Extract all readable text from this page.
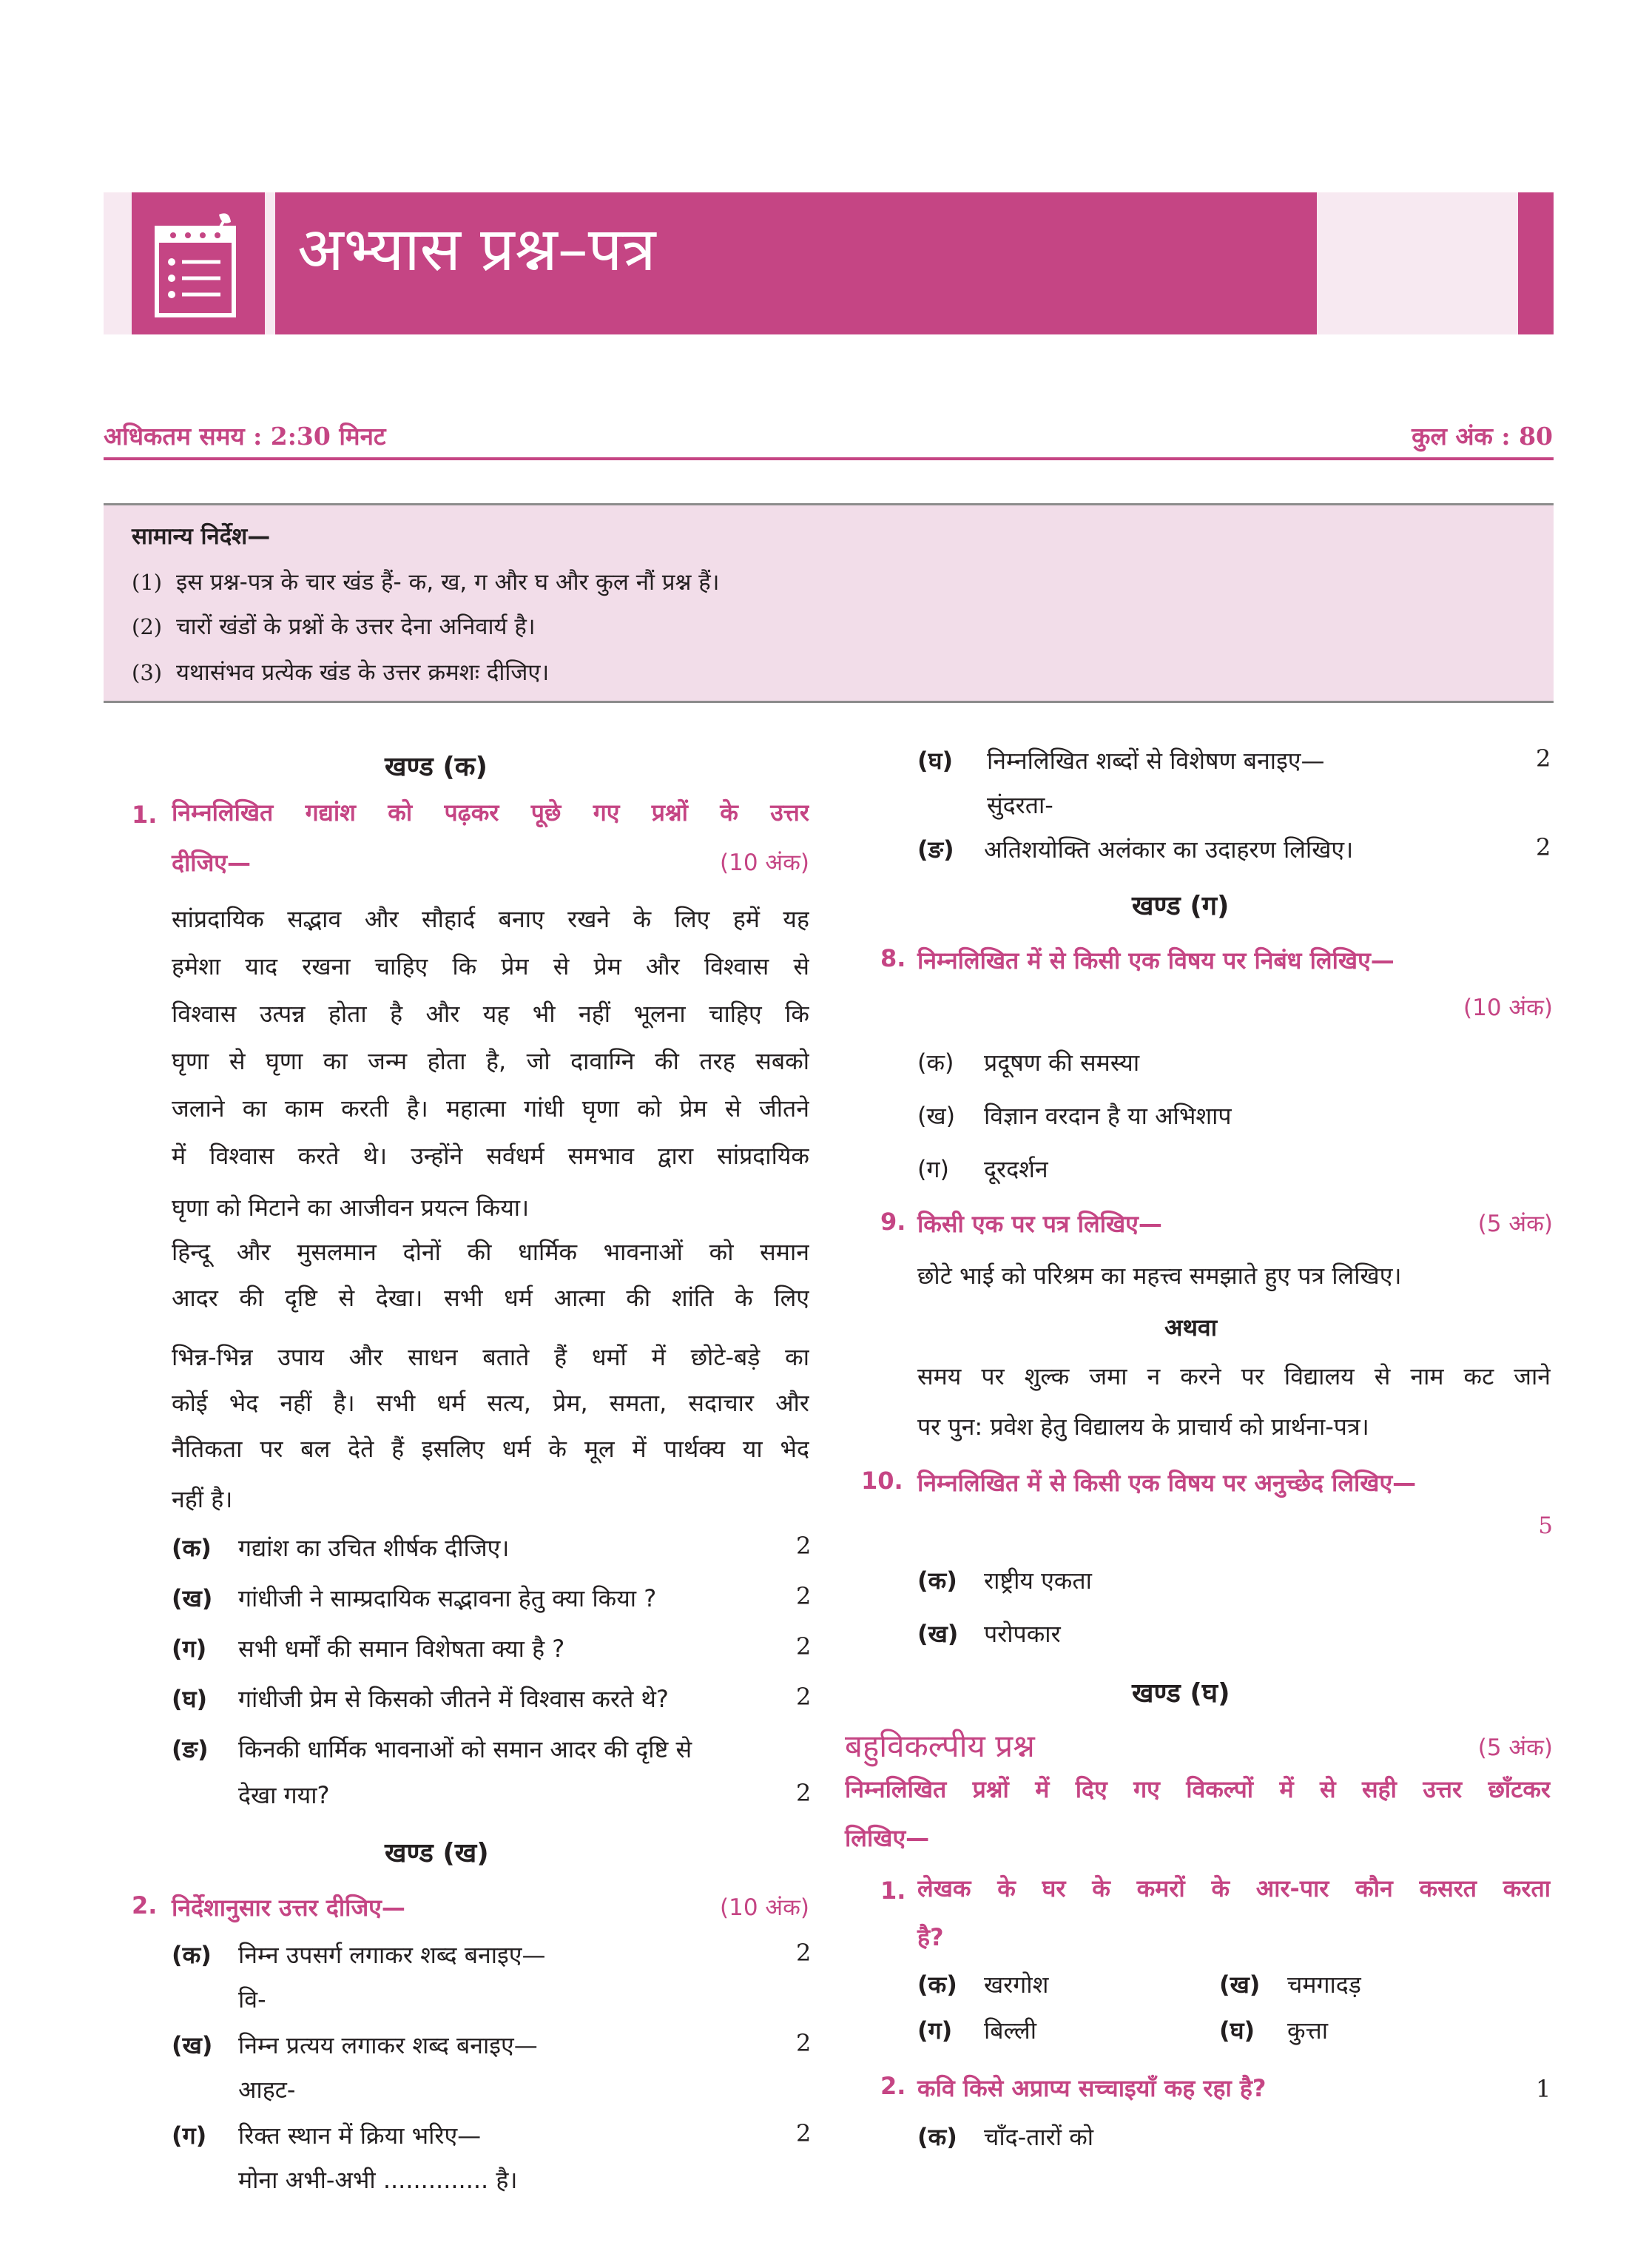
अभ्यास प्रश्न–पत्र
अधिकतम समय : 2:30 मिनट	कुल अंक : 80
सामान्य निर्देश—
(1) इस प्रश्न-पत्र के चार खंड हैं- क, ख, ग और घ और कुल नौं प्रश्न हैं।
(2) चारों खंडों के प्रश्नों के उत्तर देना अनिवार्य है।
(3) यथासंभव प्रत्येक खंड के उत्तर क्रमशः दीजिए।
खण्ड (क)
1. निम्नलिखित गद्यांश को पढ़कर पूछे गए प्रश्नों के उत्तर
दीजिए—	(10 अंक)
सांप्रदायिक सद्भाव और सौहार्द बनाए रखने के लिए हमें यह
हमेशा याद रखना चाहिए कि प्रेम से प्रेम और विश्वास से
विश्वास उत्पन्न होता है और यह भी नहीं भूलना चाहिए कि
घृणा से घृणा का जन्म होता है, जो दावाग्नि की तरह सबको
जलाने का काम करती है। महात्मा गांधी घृणा को प्रेम से जीतने
में विश्वास करते थे। उन्होंने सर्वधर्म समभाव द्वारा सांप्रदायिक
घृणा को मिटाने का आजीवन प्रयत्न किया।
हिन्दू और मुसलमान दोनों की धार्मिक भावनाओं को समान
आदर की दृष्टि से देखा। सभी धर्म आत्मा की शांति के लिए
भिन्न-भिन्न उपाय और साधन बताते हैं धर्मो में छोटे-बड़े का
कोई भेद नहीं है। सभी धर्म सत्य, प्रेम, समता, सदाचार और
नैतिकता पर बल देते हैं इसलिए धर्म के मूल में पार्थक्य या भेद
नहीं है।
(क) गद्यांश का उचित शीर्षक दीजिए।	2
(ख) गांधीजी ने साम्प्रदायिक सद्भावना हेतु क्या किया ?	2
(ग) सभी धर्मों की समान विशेषता क्या है ?	2
(घ) गांधीजी प्रेम से किसको जीतने में विश्वास करते थे?	2
(ङ) किनकी धार्मिक भावनाओं को समान आदर की दृष्टि से
देखा गया?	2
खण्ड (ख)
2. निर्देशानुसार उत्तर दीजिए—	(10 अंक)
(क) निम्न उपसर्ग लगाकर शब्द बनाइए—
वि-
2
(ख) निम्न प्रत्यय लगाकर शब्द बनाइए—
आहट-
2
(ग) रिक्त स्थान में क्रिया भरिए—
मोना अभी-अभी .............. है।
2
(घ) निम्नलिखित शब्दों से विशेषण बनाइए—
सुंदरता-
2
(ङ) अतिशयोक्ति अलंकार का उदाहरण लिखिए।	2
खण्ड (ग)
8. निम्नलिखित में से किसी एक विषय पर निबंध लिखिए—
(10 अंक)
(क) प्रदूषण की समस्या
(ख) विज्ञान वरदान है या अभिशाप
(ग) दूरदर्शन
9. किसी एक पर पत्र लिखिए—	(5 अंक)
छोटे भाई को परिश्रम का महत्त्व समझाते हुए पत्र लिखिए।
अथवा
समय पर शुल्क जमा न करने पर विद्यालय से नाम कट जाने
पर पुन: प्रवेश हेतु विद्यालय के प्राचार्य को प्रार्थना-पत्र।
10. निम्नलिखित में से किसी एक विषय पर अनुच्छेद लिखिए—
5
(क) राष्ट्रीय एकता
(ख) परोपकार
खण्ड (घ)
बहुविकल्पीय प्रश्न	(5 अंक)
निम्नलिखित प्रश्नों में दिए गए विकल्पों में से सही उत्तर छाँटकर
लिखिए—
1. लेखक के घर के कमरों के आर-पार कौन कसरत करता
है?
(क) खरगोश	(ख) चमगादड़
(ग) बिल्ली	(घ) कुत्ता
2. कवि किसे अप्राप्य सच्चाइयाँ कह रहा है?	1
(क) चाँद-तारों को
